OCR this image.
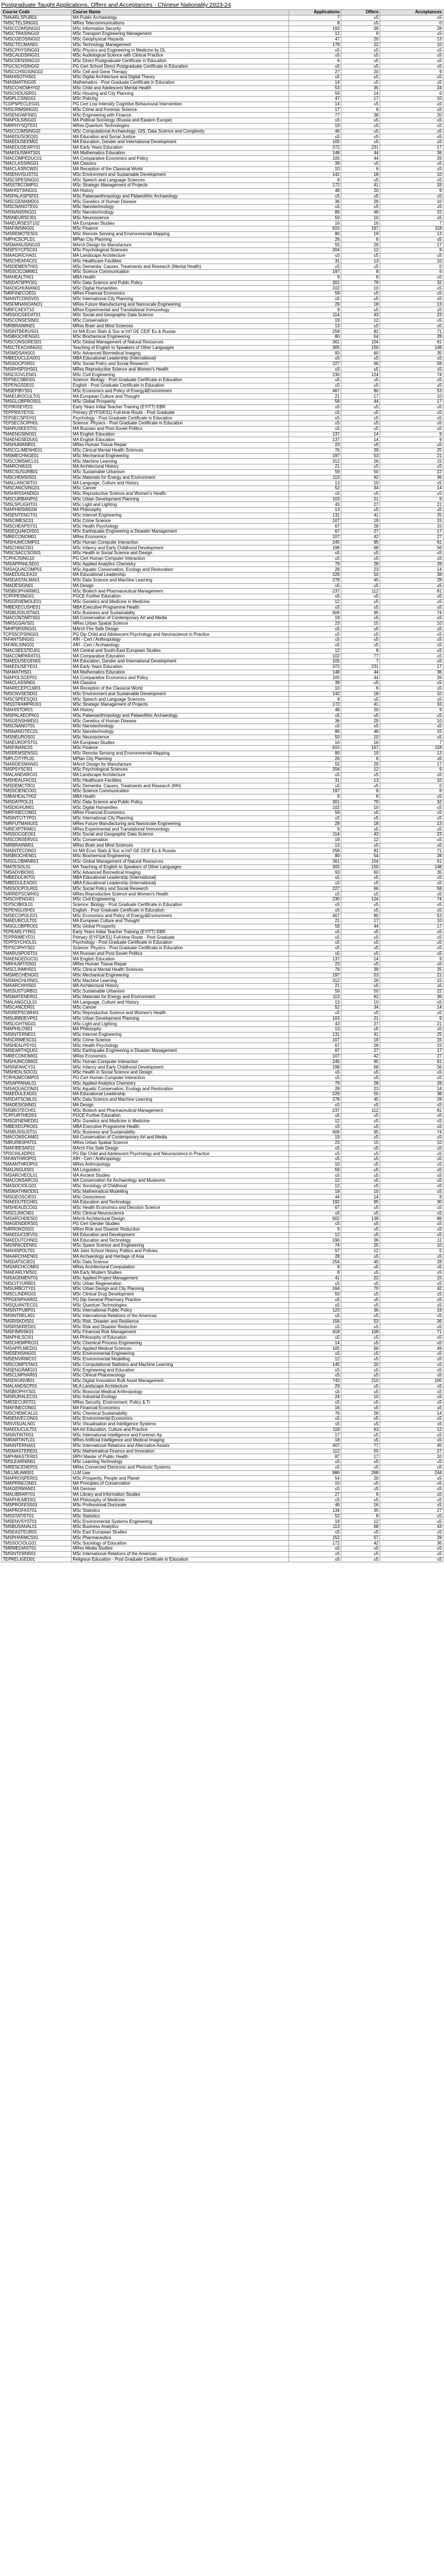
Postgraduate Taught Applications, Offers and Acceptances - Chinese Nationality 2023-24
Course Code	Course Name	Applications	Offers	Acceptances
TMAARLSPUB01	MA Public Archaeology	7	≤5	≤5
TMSCTELSING01	MRes Telecommunications	8	≤5	0
TMSCCOMSING01	MSc Information Security	193	39	28
TMSCTRASING02	MSc Transport Engineering Management	12	9	≤5
TMSCGEOSING02	MSc Geophysical Hazards	47	20	13
TMSCTECMAN01	MSc Technology Management	178	22	10
TMSCPHYSING03	MSc Physics and Engineering in Medicine by DL	≤5	≤5	≤5
TMSCAUDSING01	MSc Audiological Science with Clinical Practice	≤5	≤5	≤5
TMSCDENSING10	MSc Direct Postgraduate Certificate in Education	6	≤5	≤5
TPGCSCHSING02	PG Cert School Direct Postgraduate Certificate in Education	≤5	≤5	≤5
TMSCCHSGSING02	MSc Cell and Gene Therapy	27	20	9
TMAHISOTHS01	MSc Digital Architecture and Digital Theory	≤5	≤5	≤5
TMASMATING05	Mathematics - Post Graduate Certificate in Education	14	≤5	≤5
TMSCCHICMHY02	MSc Child and Adolescent Mental Health	53	35	24
TMSCHOUSIR01	MSc Housing and City Planning	59	14	6
TMSPLCSING01	MSc Policing	47	17	10
TCDPSPECLEG01	PG Cert Low Intensity Cognitive Behavioural Intervention	14	≤5	≤5
TMSCRIMSING01	MSc Crime and Forensic Science	17	6	≤5
TMSENGWFIN01	MSc Engineering with Finance	77	38	20
TMAPOLSING03	MA Political Sociology (Russia and Eastern Europe)	≤5	≤5	≤5
TMRPHYSQTE01	MRes Quantum Technologies	19	≤5	≤5
TMSCCOMSING02	MSc Computational Archaeology: GIS, Data Science and Complexity	46	≤5	≤5
TMAEDUSOEQ01	MA Education and Social Justice	≤5	≤5	≤5
TMAEDUSEEM01	MA Education, Gender and International Development	105	≤5	≤5
TMAEDUSEARY01	MA Early Years Education	372	231	17
TMAEDUSMATS01	MA Mathematics Education	148	44	36
TMACOMPEDUC01	MA Comparative Economics and Policy	105	44	26
TMACLASSING01	MA Classics	39	≤5	≤5
TMACLASRCW01	MA Reception of the Classical World	10	6	≤5
TMSENVISUST01	MSc Environment and Sustainable Development	142	18	10
TMSCSPESING01	MSc Speech and Language Sciences	8	≤5	≤5
TMSSTRCOMP01	MSc Strategic Management of Projects	172	41	33
TMAHISTSING01	MA History	48	20	9
TMSPALASPSF01	MSc Palaeoanthropology and Palaeolithic Archaeology	≤5	≤5	≤5
TMSCGENHMD01	MSc Genetics of Human Disease	36	29	10
TMSCNANOTE01	MSc Nanotechnology	≤5	≤5	≤5
TMSNANSING01	MSc Nanotechnology	86	48	15
TMSNEURSCI01	MSc Neuroscience	50	10	≤5
TMAEURSEST102	MA European Studies	16	16	7
TMAFINSING01	MSc Finance	615	167	118
TMSREMOTES01	MSc Remote Sensing and Environmental Mapping	80	19	13
TMPHCSCPLD1	MPlan City Planning	26	6	≤5
TMSMANUSING03	MArch Design for Manufacture	55	29	17
TMSPSYCPSC01	MSc Psychological Sciences	204	12	9
TMAAGRICHA01	MA Landscape Architecture	≤5	≤5	≤5
TMSCHEAFAC01	MSc Healthcare Facilities	31	13	10
TMSDEMENTH01	MSc Dementia: Causes, Treatments and Research (Mental Health)	≤5	≤5	0
TMSSCICOMM01	MSc Science Communication	197	8	6
TMAHEALTH01	MBA Health	9	8	≤5
TMSDATSPPO01	MSc Data Science and Public Policy	301	79	32
TMADIGHUMAN01	MSc Digital Humanities	102	10	≤5
TMRFINECOE01	MRes Financial Economics	59	≤5	≤5
TMAINTCONSV01	MSc International City Planning	≤5	≤5	≤5
TMSFMNANOANO1	MRes Future Manufacturing and Nanoscale Engineering	29	18	13
TMRFCAEXT10	MRes Experimental and Translational Immunology	9	≤5	≤5
TMSSOCGEDAT01	MSc Social and Geographic Data Science	114	43	23
TMSCONSESIN01	MSc Conservation	19	12	≤5
TMRBRAIMIN01	MRes Brain and Mind Sciences	13	≤5	≤5
TMSINTBERUS01	Int MA Econ Stats & Soc w Int'l GE CEIF Eu & Russia	258	82	71
TMSBIOCHENG01	MSc Biochemical Engineering	80	54	28
TMSCONSGRES01	MSc Global Management of Natural Resources	361	104	61
TMSCTEACHING01	Teaching of English to Speakers of Other Languages	305	150	148
TMSMDSANS01	MSc Advanced Biomedical Imaging	93	60	35
TMBEDUCLEAD01	MBA Educational Leadership (International)	≤5	≤5	≤5
TMSSOCPSR01	MSc Social Policy and Social Research	227	66	58
TMSRHSPSHS01	MRes Reproductive Science and Women's Health	≤5	≤5	≤5
TMSCICIVLEN01	MSc Civil Engineering	230	124	74
TEPSECSBIO01	Science: Biology - Post Graduate Certificate in Education	≤5	≤5	≤5
TEPENGSDE01	English - Post Graduate Certificate in Education	≤5	≤5	≤5
TMSEPIBYS01	MSc Economics and Policy of Energy&Environment	467	80	53
TMAEUROCULT01	MA European Culture and Thought	21	17	10
TMSGLOBPROS01	MSc Global Prosperity	58	44	17
TEPIRISEYE01	Early Years Initial Teacher Training (EYITT) EBR	≤5	≤5	≤5
TEPPRI5YEY01	Primary (EYFS/KS1) Full-time Route - Post Graduate	≤5	≤5	≤5
TEPSECSPSY01	Psychology - Post Graduate Certificate in Education	≤5	≤5	≤5
TEPSECSCIPH01	Science: Physics - Post Graduate Certificate in Education	≤5	≤5	≤5
TMARUSEEST01	MA Russian and Post-Soviet Politics	≤5	≤5	≤5
TMAENGSINO01	MA English Education	137	14	9
TMAENGSEDU01	MA English Education	137	14	9
TMSHUMANR01	MRes Human Tissue Repair	23	≤5	≤5
TMSCCLIMENHE01	MSc Clinical Mental Health Sciences	76	39	25
TMSMECHNGE01	MSc Mechanical Engineering	197	53	21
TMSCOMSMCL01	MSc Machine Learning	312	26	15
TMARCHI6101	MA Architectural History	21	≤5	≤5
TMSCSUSURB01	MSc Sustainable Urbanism	59	50	22
TMSCHEMSIS01	MSc Materials for Energy and Environment	113	62	36
TMALLANCWT01	MA Language, Culture and History	13	10	≤5
TMSCANCSING01	MSc Cancer	52	34	14
TMSHRSSANDI01	MSc Reproductive Science and Women's Health	≤5	≤5	≤5
TMSCURBANP01	MSc Urban Development Planning	103	21	9
TMSLSPLIGHT01	MSc Light and Lighting	43	27	21
TMAPHI0SING06	MA Philosophy	13	≤5	≤5
TMSENTENGT01	MSc Internet Engineering	131	41	25
TMSCIMESC01	MSc Crime Science	107	19	15
TMSCHEAPSY01	MSc Health Psychology	67	28	15
TMSEQUAKDIS01	MSc Earthquake Engineering w Disaster Management	67	27	17
TMRECONOM01	MRes Economics	107	42	27
TMSHUMCOMP01	MSc Human Computer Interaction	245	95	61
TMSCHINCO01	MSc Infancy and Early Childhood Development	198	68	56
TMSCSACCSOS01	MSc Health in Social Science and Design	≤5	≤5	≤5
TCPHCISING10	PG Cert Human Computer Interaction	≤5	≤5	≤5
TMSAPPANLSE01	MSc Applied Analytics Chemistry	79	28	28
TMSAQUACOMP01	MSc Aquatic Conservation, Ecology and Restoration	28	23	14
TMAEDUSLEA10	MA Educational Leadership	229	50	38
TMSDASTALMA01	MSc Data Science and Machine Learning	278	45	28
TMADESIGN01	MA Design	≤5	≤5	≤5
TMSBIOPHARM01	MSc Biotech and Pharmaceutical Management	237	112	81
TCPFPESNG01	PGCE Further Education	≤5	≤5	≤5
TMSGENEMOLE01	MSc Genetics and Medicine in Medicine	12	≤5	≤5
TMBEXECUSHE01	MBA Executive Programme Health	≤5	≤5	≤5
TMSBUSSUSTA01	MSc Business and Sustainability	606	95	74
TMACONTARTS01	MA Conservation of Contemporary Art and Media	19	≤5	≤5
TMRSGSAVS01	MRes Urban Spatial Science	23	15	10
TMHPSRSING01	MArch Fire Safe Design	≤5	≤5	≤5
TCPSSCPSING01	PG Dip Child and Adolescent Psychology and Neuroscience in Practice	≤5	≤5	≤5
TAFANTSING01	AfH - Cert / Anthropology	≤5	≤5	≤5
TAFARLSING01	AfH - Cert / Archaeology	≤5	≤5	≤5
TMACSEESTEU01	MA Central and South-East European Studies	12	8	≤5
TMACOMPARAT01	MA Comparative Education	102	77	≤5
TMAEDUSEGEN01	MA Education, Gender and International Development	105	7	≤5
TMAEDUSEYE01	MA Early Years Education	372	231	17
TMAMATHS01	MA Mathematics Education	148	44	36
TMAPOLSCEP01	MA Comparative Economics and Policy	105	44	26
TMACLASSIN01	MA Classics	39	≤5	≤5
TMARECEPCLW01	MA Reception of the Classical World	10	6	≤5
TMSCNVSESD01	MSc Environment and Sustainable Development	142	18	10
TMSCSPEESQ01	MSc Speech and Language Sciences	8	≤5	≤5
TMSSTRAMPRO01	MSc Strategic Management of Projects	172	41	33
TMAHISTOR01	MA History	48	20	9
TMSPALAEOPA01	MSc Palaeoanthropology and Palaeolithic Archaeology	≤5	≤5	≤5
TMSGENSHMD01	MSc Genetics of Human Disease	36	29	10
TMSCNANOT01	MSc Nanotechnology	≤5	≤5	≤5
TMSNANOTEC01	MSc Nanotechnology	86	48	15
TMSNEUROS01	MSc Neuroscience	50	10	≤5
TMAEUROPST01	MA European Studies	16	16	7
TMSFINANC01	MSc Finance	615	167	118
TMSREMSENS01	MSc Remote Sensing and Environmental Mapping	80	19	13
TMPLCITYPL01	MPlan City Planning	26	6	≤5
TMARDESMAN01	MArch Design for Manufacture	55	29	17
TMSPSYSCI01	MSc Psychological Sciences	204	12	9
TMALANDARC01	MA Landscape Architecture	≤5	≤5	≤5
TMSHEALFAC01	MSc Healthcare Facilities	31	13	10
TMSDEMCTR01	MSc Dementia: Causes, Treatments and Research (MH)	≤5	≤5	0
TMSSCIENCO01	MSc Science Communication	197	8	6
TMBAHEALTH02	MBA Health	9	8	≤5
TMSDATPOL01	MSc Data Science and Public Policy	301	79	32
TMSDIGHUM01	MSc Digital Humanities	102	10	≤5
TMRFINECON01	MRes Financial Economics	59	≤5	≤5
TMSINTCITYP01	MSc International City Planning	≤5	≤5	≤5
TMRFUTMANU01	MRes Future Manufacturing and Nanoscale Engineering	29	18	13
TMREXPTRIM01	MRes Experimental and Translational Immunology	9	≤5	≤5
TMSSOCGEO01	MSc Social and Geographic Data Science	114	43	23
TMSCONSERV01	MSc Conservation	19	12	≤5
TMRBRAINM01	MRes Brain and Mind Sciences	13	≤5	≤5
TMAINTECON01	Int MA Econ Stats & Soc w Int'l GE CEIF Eu & Russia	258	82	71
TMSBIOCHEN01	MSc Biochemical Engineering	80	54	28
TMSGLOBMNR01	MSc Global Management of Natural Resources	361	104	61
TMATESOL01	MA Teaching of English to Speakers of Other Languages	305	150	148
TMSADVBIOI01	MSc Advanced Biomedical Imaging	93	60	35
TMBEDULINT01	MBA Educational Leadership (International)	≤5	≤5	≤5
TMBEDULEAD01	MBA Educational Leadership (International)	≤5	≤5	≤5
TMSSOCPOLR01	MSc Social Policy and Social Research	227	66	58
TMRREPSCWH01	MRes Reproductive Science and Women's Health	≤5	≤5	≤5
TMSCIVENGI01	MSc Civil Engineering	230	124	74
TEPSCIBIOL01	Science: Biology - Post Graduate Certificate in Education	≤5	≤5	≤5
TEPENGLISH01	English - Post Graduate Certificate in Education	≤5	≤5	≤5
TMSECOPOLE01	MSc Economics and Policy of Energy&Environment	467	80	53
TMAEURCULT01	MA European Culture and Thought	21	17	10
TMSGLOBPRO01	MSc Global Prosperity	58	44	17
TEPEARLYYR01	Early Years Initial Teacher Training (EYITT) EBR	≤5	≤5	≤5
TEPPRIMEYF01	Primary (EYFS/KS1) Full-time Route - Post Graduate	≤5	≤5	≤5
TEPPSYCHOL01	Psychology - Post Graduate Certificate in Education	≤5	≤5	≤5
TEPSCIPHYS01	Science: Physics - Post Graduate Certificate in Education	≤5	≤5	≤5
TMARUSPOST01	MA Russian and Post-Soviet Politics	≤5	≤5	≤5
TMAENGEDUC01	MA English Education	137	14	9
TMRHUMTISS01	MRes Human Tissue Repair	23	≤5	≤5
TMSCLINMHS01	MSc Clinical Mental Health Sciences	76	39	25
TMSMECHENG01	MSc Mechanical Engineering	197	53	21
TMSMACHLRN01	MSc Machine Learning	312	26	15
TMAARCHHIS01	MA Architectural History	21	≤5	≤5
TMSSUSTURB01	MSc Sustainable Urbanism	59	50	22
TMSMATENER01	MSc Materials for Energy and Environment	113	62	36
TMALANGCUL01	MA Language, Culture and History	13	10	≤5
TMSCANCER01	MSc Cancer	52	34	14
TMSREPSCWH01	MSc Reproductive Science and Women's Health	≤5	≤5	≤5
TMSURBDEVP01	MSc Urban Development Planning	103	21	9
TMSLIGHTNG01	MSc Light and Lighting	43	27	21
TMAPHILOS01	MA Philosophy	13	≤5	≤5
TMSINTERNE01	MSc Internet Engineering	131	41	25
TMSCRIMESC01	MSc Crime Science	107	19	15
TMSHEALPSY01	MSc Health Psychology	67	28	15
TMSEARTHQU01	MSc Earthquake Engineering w Disaster Management	67	27	17
TMRECONOMI01	MRes Economics	107	42	27
TMSHUMCOMI01	MSc Human Computer Interaction	245	95	61
TMSINFANCY01	MSc Infancy and Early Childhood Development	198	68	56
TMSHEALSOC01	MSc Health in Social Science and Design	≤5	≤5	≤5
TCPHUMCOMP01	PG Cert Human Computer Interaction	≤5	≤5	≤5
TMSAPPANAL01	MSc Applied Analytics Chemistry	79	28	28
TMSAQUACON01	MSc Aquatic Conservation, Ecology and Restoration	28	23	14
TMAEDULEAD01	MA Educational Leadership	229	50	38
TMSDATSCML01	MSc Data Science and Machine Learning	278	45	28
TMADESIGNN01	MA Design	≤5	≤5	≤5
TMSBIOTECH01	MSc Biotech and Pharmaceutical Management	237	112	81
TCPFURTHED01	PGCE Further Education	≤5	≤5	≤5
TMSGENEMED01	MSc Genetics and Medicine in Medicine	12	≤5	≤5
TMBEXECPRO01	MBA Executive Programme Health	≤5	≤5	≤5
TMSBUSSUST01	MSc Business and Sustainability	606	95	74
TMACONSCAM01	MA Conservation of Contemporary Art and Media	19	≤5	≤5
TMRURBSPAT01	MRes Urban Spatial Science	23	15	10
TMAFIRESAF01	MArch Fire Safe Design	≤5	≤5	≤5
TPDCHILADP01	PG Dip Child and Adolescent Psychology and Neuroscience in Practice	≤5	≤5	≤5
TAFANTHROP01	AfH - Cert / Anthropology	≤5	≤5	≤5
TMAANTHROP01	MRes Anthropology	10	≤5	≤5
TMALINGUIS01	MA Linguistics	59	≤5	≤5
TMSARCHEOL01	MA Ancient Studies	≤5	≤5	≤5
TMACONSARC01	MA Conservation for Archaeology and Museums	12	≤5	≤5
TMASOCIOLG01	MSc Sociology of Childhood	12	≤5	≤5
TMSMATHMOD01	MSc Mathematical Modelling	19	10	≤5
TMSGEOSCIE01	MSc Geoscience	44	14	8
TMAEDUTECH01	MA Education and Technology	192	95	30
TMSHEALECO01	MSc Health Economics and Decision Science	67	≤5	≤5
TMSCLINICN01	MSc Clinical Neuroscience	≤5	≤5	≤5
TMSARCHDES01	MArch Architectural Design	602	139	86
TMAGENDERS01	PG Cert Gender Studies	≤5	≤5	≤5
TMRRISKDIS01	MRes Risk and Disaster Reduction	9	≤5	≤5
TMAEDUCDEV01	MA Education and Development	12	≤5	≤5
TMAEDUTCHN01	MA Education and Technology	196	36	11
TMSSPACEEN01	MSc Space Science and Engineering	74	25	10
TMAHISPOLT01	MA Joint School History Politics and Policies	57	12	5
TMAARCHAEN01	MA Archaeology and Heritage of Asia	28	≤5	≤5
TMSDATSCIE01	MSc Data Science	254	45	28
TMSARCHCOM01	MRes Architectural Computation	9	≤5	≤5
TMAEARLYMS01	MA Early Modern Studies	8	≤5	≤5
TMSAGEMENT01	MSc Applied Project Management	41	22	15
TMSCITYURB01	MSc Urban Regeneration	≤5	≤5	≤5
TMSURBCITY01	MSc Urban Design and City Planning	164	70	42
TMSCLINDRG01	MSc Clinical Drug Development	50	≤5	≤5
TPPGENPHAR01	PG Dip General Pharmacy Practice	≤5	≤5	≤5
TMSQUANTEC01	MSc Quantum Technologies	≤5	≤5	≤5
TMSINTPUBP01	MSc International Public Policy	123	36	19
TMSINTRELA01	MSc International Relations of the Americas	≤5	≤5	≤5
TMSRISKDIS01	MSc Risk, Disaster and Resilience	156	53	36
TMSRISKRED01	MSc Risk and Disaster Reduction	≤5	≤5	≤5
TMSFINRISK01	MSc Financial Risk Management	418	109	71
TMAPHILSCI01	MA Philosophy of Education	≤5	≤5	≤5
TMSCHEMPRC01	MSc Chemical Process Engineering	14	≤5	≤5
TMSAPPLMED01	MSc Applied Medical Sciences	105	66	49
TMSSENSING01	MSc Environmental Engineering	≤5	≤5	≤5
TMSENVIRMC01	MSc Environmental Modelling	12	≤5	≤5
TMSCOMPSTA01	MSc Computational Statistics and Machine Learning	145	20	≤5
TMSENGINMG01	MSc Engineering and Education	≤5	≤5	≤5
TMSCLNPHAR01	MSc Clinical Pharmacology	≤5	≤5	≤5
TMSDIGINVB01	MSc Digital Innovation Built Asset Management	743	210	165
TMALANDSCP01	MLA Landscape Architecture	29	≤5	≤5
TMSBIOPHYS01	MSc Biosocial Medical Anthropology	≤5	≤5	≤5
TMSRURALEC01	MSc Industrial Ecology	24	10	≤5
TMRSECURIT01	MRes Security, Environment, Policy & Tr	≤5	≤5	≤5
TMAFINECON01	MA Financial Economics	16	≤5	≤5
TMSCHEMCAL01	MSc Chemical Sustainability	76	28	14
TMSENVECON01	MSc Environmental Economics	≤5	≤5	≤5
TMSVISUALN01	MSc Visualisation and Intelligence Systems	≤5	≤5	≤5
TMAEDUCULT01	MA Art Education, Culture and Practice	118	63	12
TMSINTINTR01	MSc International Intelligence and Forensic Ap	17	≤5	≤5
TMRARTINTL01	MRes Artificial Intelligence and Medical Imaging	18	≤5	≤5
TMAINTERNA01	MSc International Relations and Alternative Assets	407	77	45
TMSMASTERE01	MSc Mathematical Finance and Innovation	112	55	27
TMPHMASTER01	MPH Master of Public Health	87	17	10
TMSLEARNIN01	MSc Learning Technology	≤5	≤5	≤5
TMRENCENEP01	MRes Connected Electronic and Photonic Systems	≤5	≤5	≤5
TMLLMLAW001	LLM Law	986	268	244
TMAPROSPER01	MSc Prosperity, People and Planet	54	20	≤5
TMAPRINCON01	MA Principles of Conservation	10	≤5	≤5
TMAGERMAN01	MA German	≤5	≤5	≤5
TMALIBRARY01	MA Library and Information Studies	27	6	≤5
TMAPHILMED01	MA Philosophy of Medicine	≤5	≤5	≤5
TMSPROFESS01	MSc Professional Doctorate	46	16	≤5
TMAPROFAST01	MSc Statistics	134	35	27
TMSSTATIST01	MSc Statistics	52	8	≤5
TMSENVSYST01	MSc Environmental Systems Engineering	19	12	≤5
TMSBUSANAL01	MSc Business Analytics	113	68	43
TMSEASTEUR01	MSc East European Studies	≤5	≤5	≤5
TMSPHARMCS01	MSc Pharmaceutics	152	57	29
TMSSOCIOLG01	MSc Sociology of Education	172	42	36
TMRMEDIAST01	MRes Media Studies	≤5	≤5	≤5
TMSINTERNR01	MSc International Relations of the Americas	≤5	≤5	≤5
TEPRELIGED01	Religious Education - Post Graduate Certificate in Education	≤5	≤5	≤5
